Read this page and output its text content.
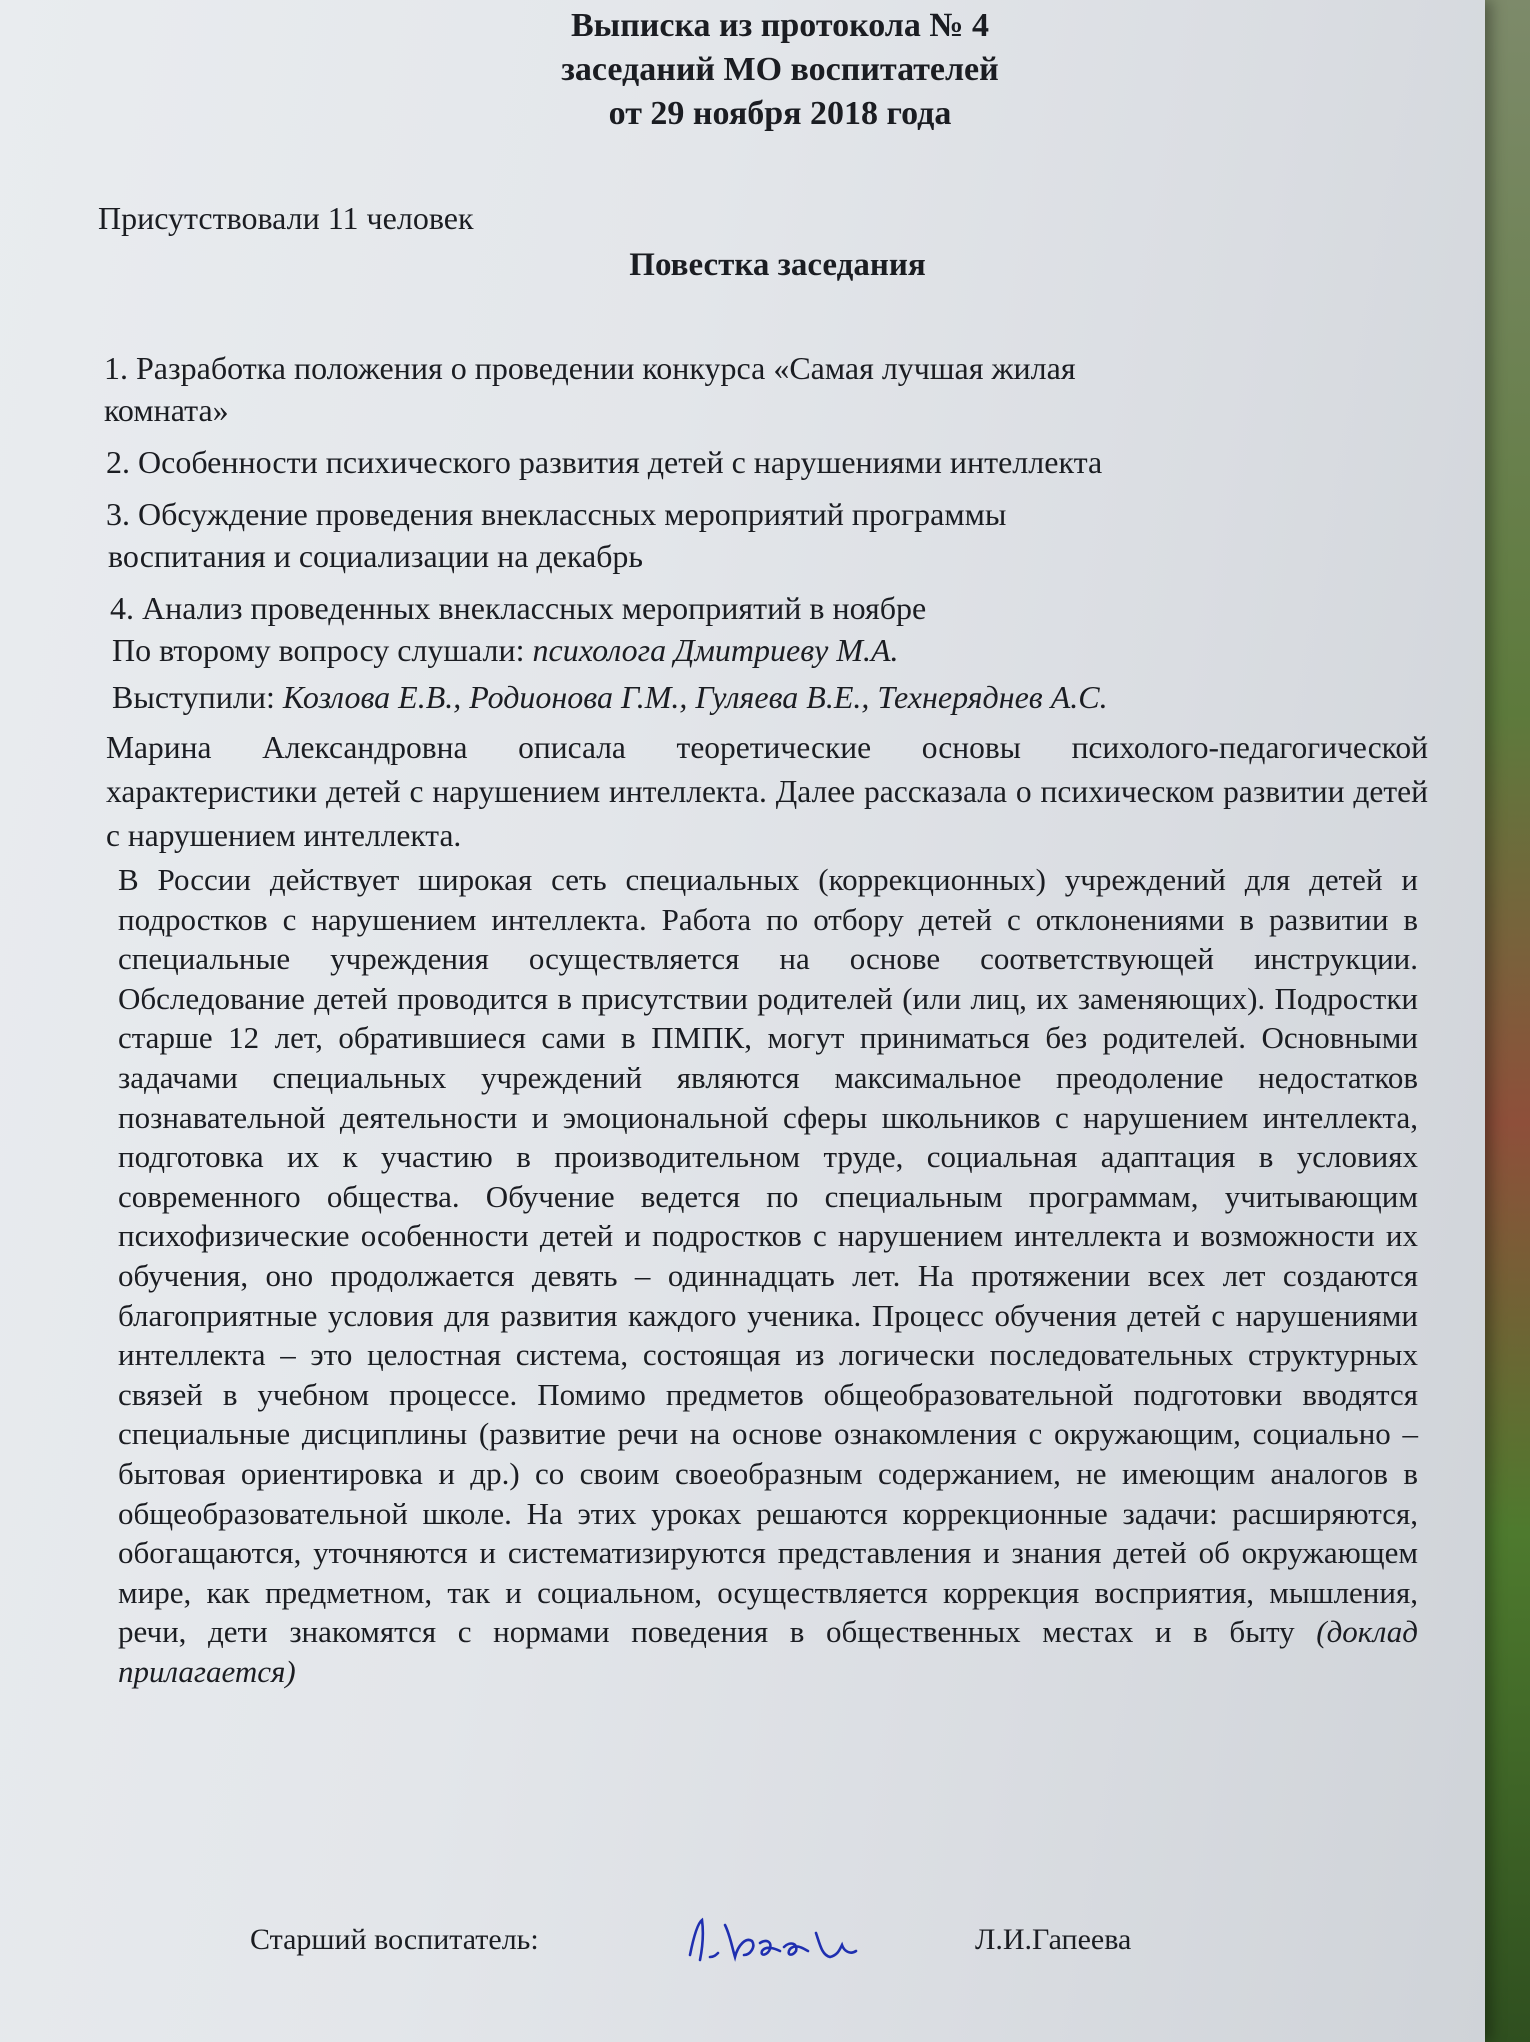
Выписка из протокола № 4
заседаний МО воспитателей
от 29 ноября 2018 года
Присутствовали 11 человек
Повестка заседания
1. Разработка положения о проведении конкурса «Самая лучшая жилая
комната»
2. Особенности психического развития детей с нарушениями интеллекта
3. Обсуждение проведения внеклассных мероприятий программы
воспитания и социализации на декабрь
4. Анализ проведенных внеклассных мероприятий в ноябре
По второму вопросу слушали: психолога Дмитриеву М.А.
Выступили: Козлова Е.В., Родионова Г.М., Гуляева В.Е., Технеряднев А.С.
Марина Александровна описала теоретические основы психолого-педагогической характеристики детей с нарушением интеллекта. Далее рассказала о психическом развитии детей с нарушением интеллекта.
В России действует широкая сеть специальных (коррекционных) учреждений для детей и подростков с нарушением интеллекта. Работа по отбору детей с отклонениями в развитии в специальные учреждения осуществляется на основе соответствующей инструкции. Обследование детей проводится в присутствии родителей (или лиц, их заменяющих). Подростки старше 12 лет, обратившиеся сами в ПМПК, могут приниматься без родителей. Основными задачами специальных учреждений являются максимальное преодоление недостатков познавательной деятельности и эмоциональной сферы школьников с нарушением интеллекта, подготовка их к участию в производительном труде, социальная адаптация в условиях современного общества. Обучение ведется по специальным программам, учитывающим психофизические особенности детей и подростков с нарушением интеллекта и возможности их обучения, оно продолжается девять – одиннадцать лет. На протяжении всех лет создаются благоприятные условия для развития каждого ученика. Процесс обучения детей с нарушениями интеллекта – это целостная система, состоящая из логически последовательных структурных связей в учебном процессе. Помимо предметов общеобразовательной подготовки вводятся специальные дисциплины (развитие речи на основе ознакомления с окружающим, социально – бытовая ориентировка и др.) со своим своеобразным содержанием, не имеющим аналогов в общеобразовательной школе. На этих уроках решаются коррекционные задачи: расширяются, обогащаются, уточняются и систематизируются представления и знания детей об окружающем мире, как предметном, так и социальном, осуществляется коррекция восприятия, мышления, речи, дети знакомятся с нормами поведения в общественных местах и в быту (доклад прилагается)
Старший воспитатель:	Л.И.Гапеева
